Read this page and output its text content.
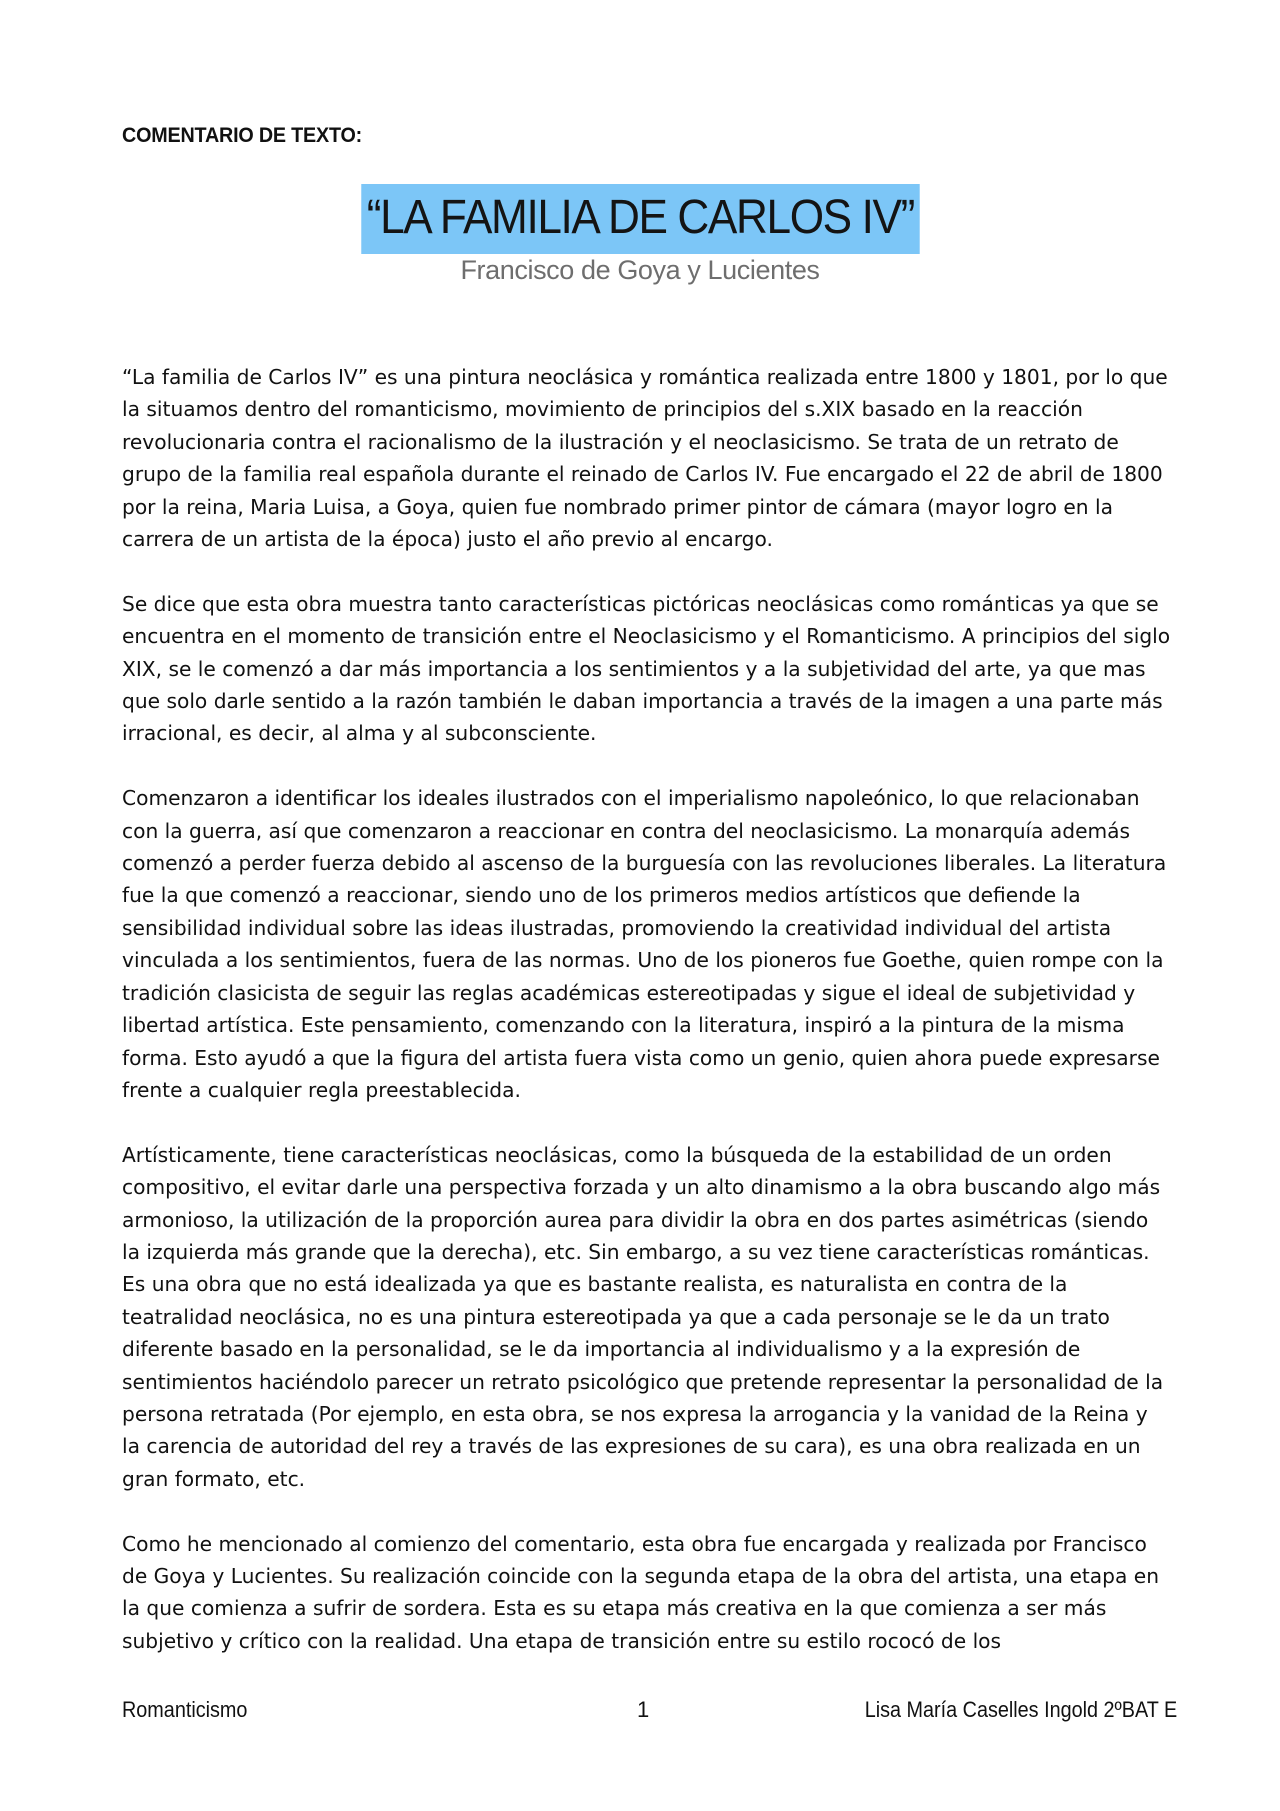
COMENTARIO DE TEXTO:
“LA FAMILIA DE CARLOS IV”
Francisco de Goya y Lucientes

“La familia de Carlos IV” es una pintura neoclásica y romántica realizada entre 1800 y 1801, por lo que la situamos dentro del romanticismo, movimiento de principios del s.XIX basado en la reacción revolucionaria contra el racionalismo de la ilustración y el neoclasicismo. Se trata de un retrato de grupo de la familia real española durante el reinado de Carlos IV. Fue encargado el 22 de abril de 1800 por la reina, Maria Luisa, a Goya, quien fue nombrado primer pintor de cámara (mayor logro en la carrera de un artista de la época) justo el año previo al encargo.

Se dice que esta obra muestra tanto características pictóricas neoclásicas como románticas ya que se encuentra en el momento de transición entre el Neoclasicismo y el Romanticismo. A principios del siglo XIX, se le comenzó a dar más importancia a los sentimientos y a la subjetividad del arte, ya que mas que solo darle sentido a la razón también le daban importancia a través de la imagen a una parte más irracional, es decir, al alma y al subconsciente.

Comenzaron a identificar los ideales ilustrados con el imperialismo napoleónico, lo que relacionaban con la guerra, así que comenzaron a reaccionar en contra del neoclasicismo. La monarquía además comenzó a perder fuerza debido al ascenso de la burguesía con las revoluciones liberales. La literatura fue la que comenzó a reaccionar, siendo uno de los primeros medios artísticos que defiende la sensibilidad individual sobre las ideas ilustradas, promoviendo la creatividad individual del artista vinculada a los sentimientos, fuera de las normas. Uno de los pioneros fue Goethe, quien rompe con la tradición clasicista de seguir las reglas académicas estereotipadas y sigue el ideal de subjetividad y libertad artística. Este pensamiento, comenzando con la literatura, inspiró a la pintura de la misma forma. Esto ayudó a que la figura del artista fuera vista como un genio, quien ahora puede expresarse frente a cualquier regla preestablecida.

Artísticamente, tiene características neoclásicas, como la búsqueda de la estabilidad de un orden compositivo, el evitar darle una perspectiva forzada y un alto dinamismo a la obra buscando algo más armonioso, la utilización de la proporción aurea para dividir la obra en dos partes asimétricas (siendo la izquierda más grande que la derecha), etc. Sin embargo, a su vez tiene características románticas. Es una obra que no está idealizada ya que es bastante realista, es naturalista en contra de la teatralidad neoclásica, no es una pintura estereotipada ya que a cada personaje se le da un trato diferente basado en la personalidad, se le da importancia al individualismo y a la expresión de sentimientos haciéndolo parecer un retrato psicológico que pretende representar la personalidad de la persona retratada (Por ejemplo, en esta obra, se nos expresa la arrogancia y la vanidad de la Reina y la carencia de autoridad del rey a través de las expresiones de su cara), es una obra realizada en un gran formato, etc.

Como he mencionado al comienzo del comentario, esta obra fue encargada y realizada por Francisco de Goya y Lucientes. Su realización coincide con la segunda etapa de la obra del artista, una etapa en la que comienza a sufrir de sordera. Esta es su etapa más creativa en la que comienza a ser más subjetivo y crítico con la realidad. Una etapa de transición entre su estilo rococó de los

Romanticismo	1	Lisa María Caselles Ingold 2ºBAT E
